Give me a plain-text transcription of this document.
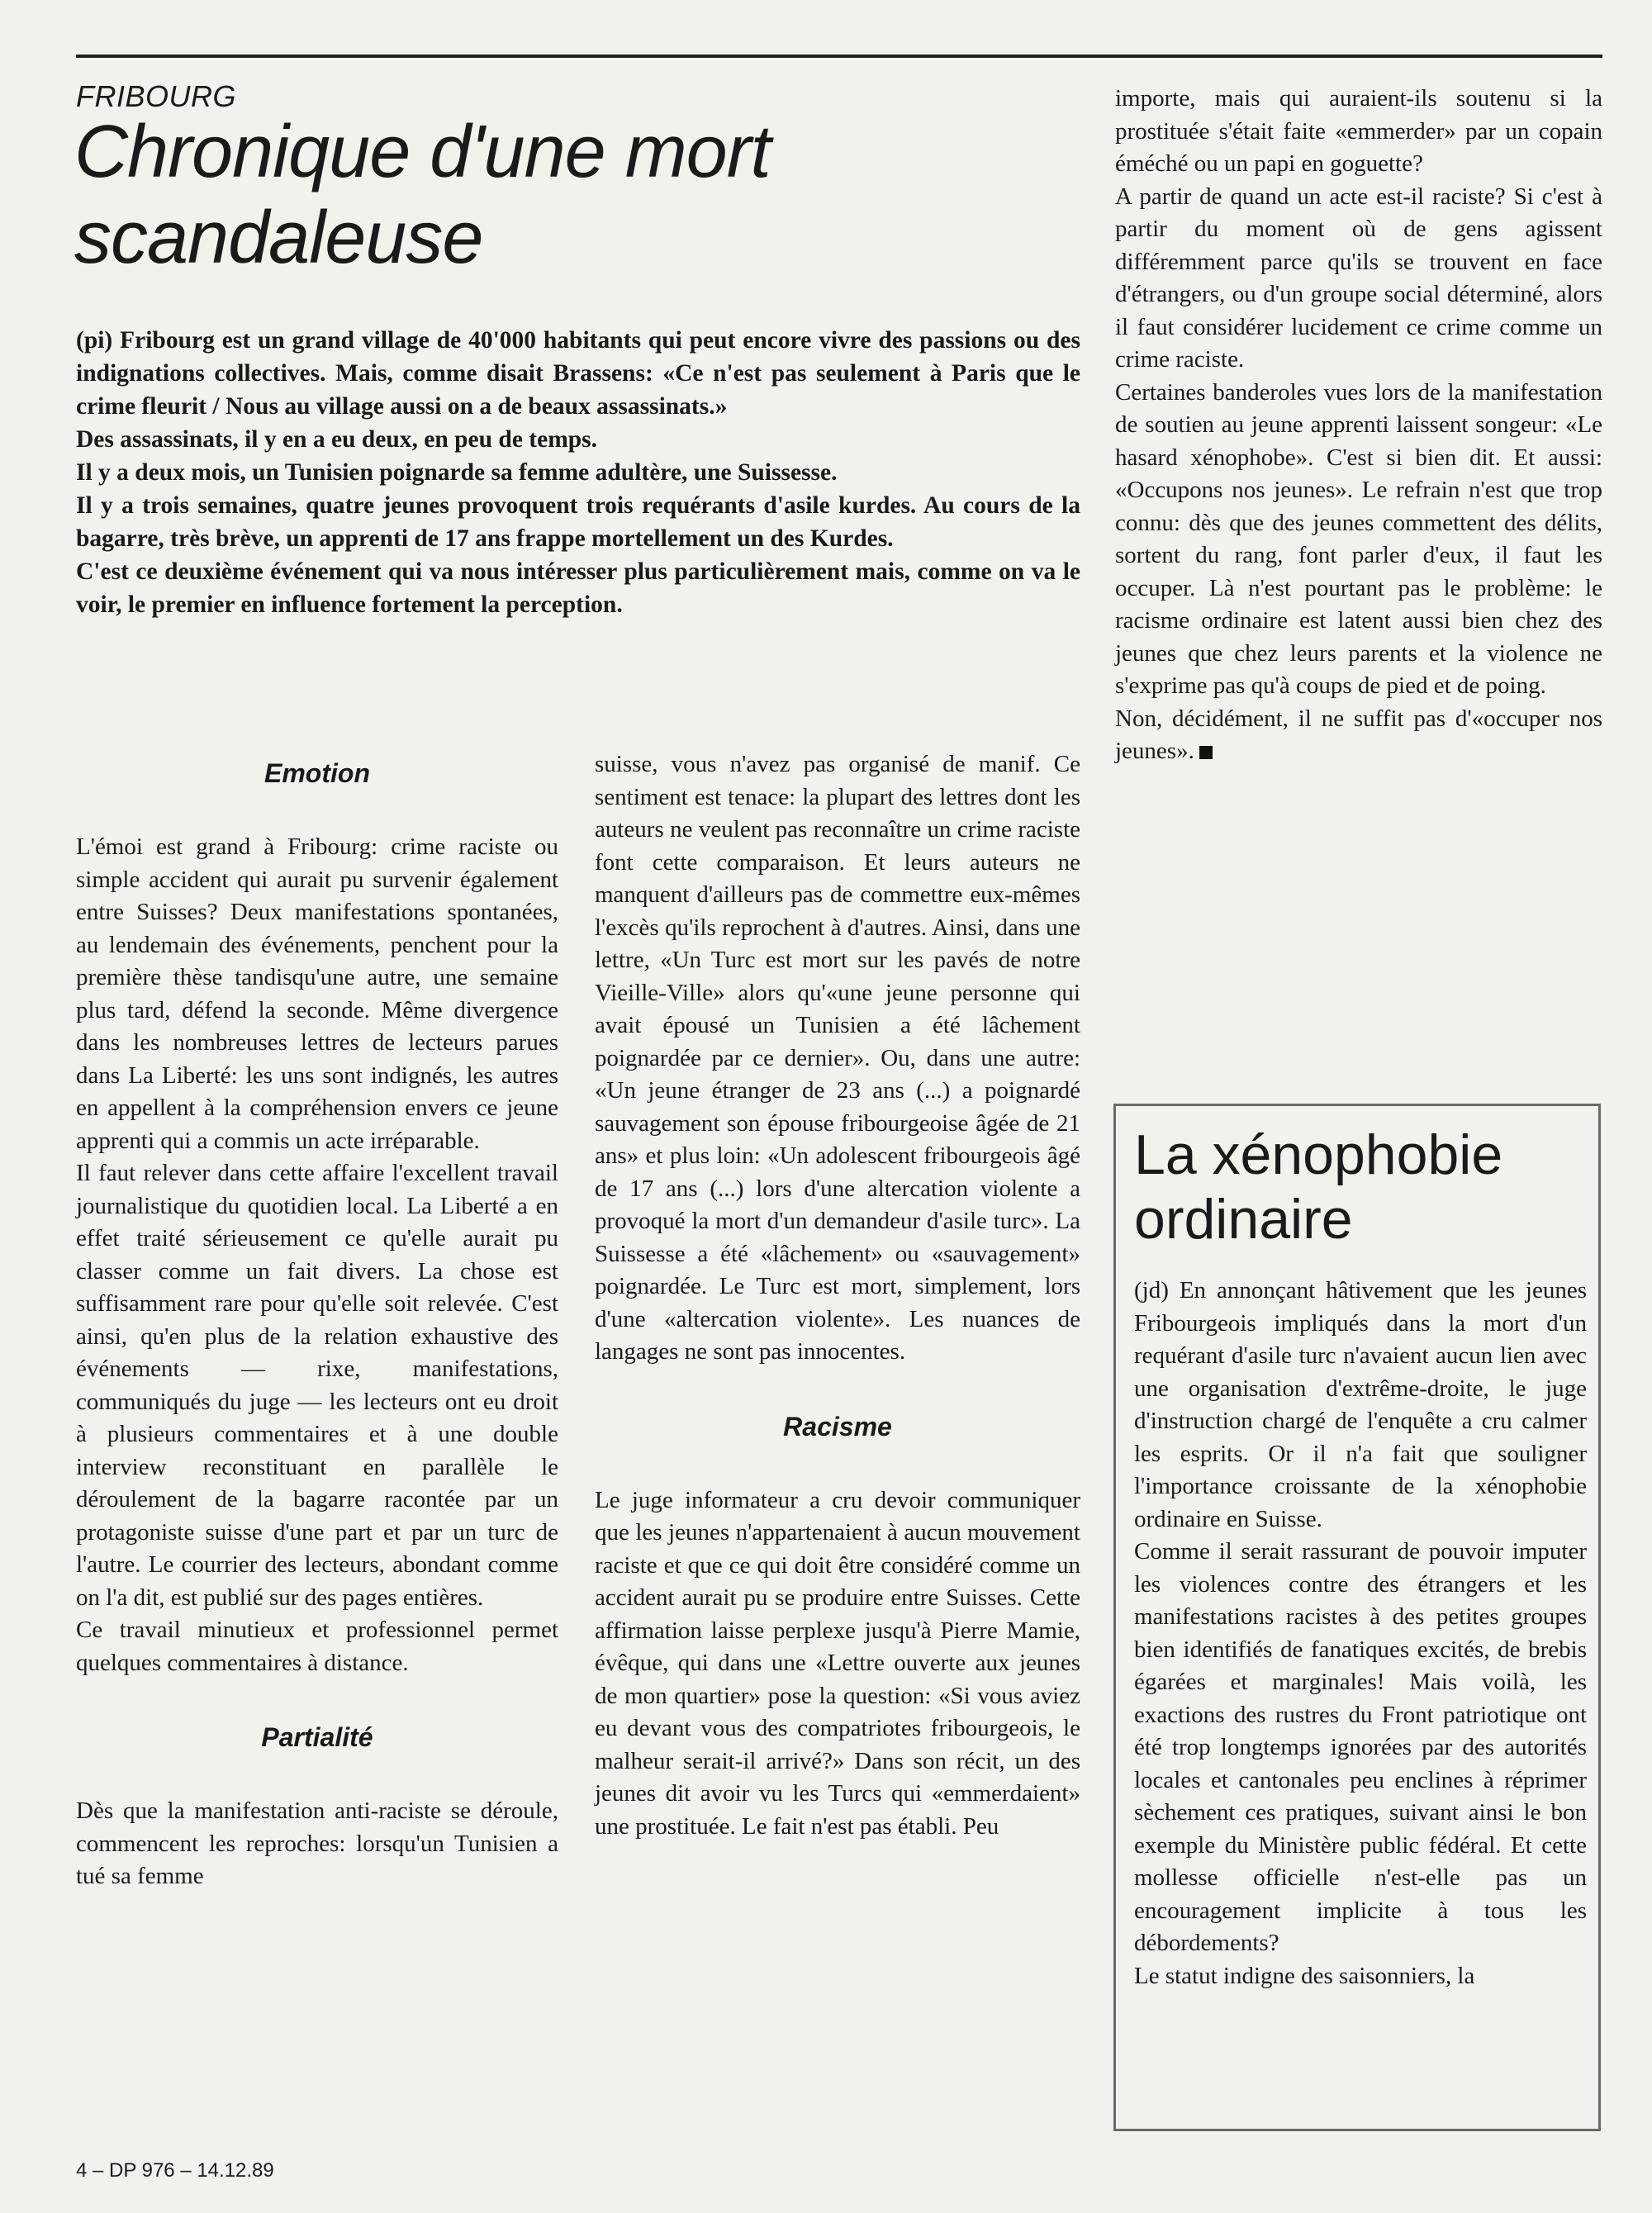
FRIBOURG
Chronique d'une mort scandaleuse

(pi) Fribourg est un grand village de 40'000 habitants qui peut encore vivre des passions ou des indignations collectives. Mais, comme disait Brassens: «Ce n'est pas seulement à Paris que le crime fleurit / Nous au village aussi on a de beaux assassinats.»

Des assassinats, il y en a eu deux, en peu de temps.

Il y a deux mois, un Tunisien poignarde sa femme adultère, une Suissesse.

Il y a trois semaines, quatre jeunes provoquent trois requérants d'asile kurdes. Au cours de la bagarre, très brève, un apprenti de 17 ans frappe mortellement un des Kurdes.

C'est ce deuxième événement qui va nous intéresser plus particulièrement mais, comme on va le voir, le premier en influence fortement la perception.

Emotion

L'émoi est grand à Fribourg: crime raciste ou simple accident qui aurait pu survenir également entre Suisses? Deux manifestations spontanées, au lendemain des événements, penchent pour la première thèse tandisqu'une autre, une semaine plus tard, défend la seconde. Même divergence dans les nombreuses lettres de lecteurs parues dans La Liberté: les uns sont indignés, les autres en appellent à la compréhension envers ce jeune apprenti qui a commis un acte irréparable.

Il faut relever dans cette affaire l'excellent travail journalistique du quotidien local. La Liberté a en effet traité sérieusement ce qu'elle aurait pu classer comme un fait divers. La chose est suffisamment rare pour qu'elle soit relevée. C'est ainsi, qu'en plus de la relation exhaustive des événements — rixe, manifestations, communiqués du juge — les lecteurs ont eu droit à plusieurs commentaires et à une double interview reconstituant en parallèle le déroulement de la bagarre racontée par un protagoniste suisse d'une part et par un turc de l'autre. Le courrier des lecteurs, abondant comme on l'a dit, est publié sur des pages entières.

Ce travail minutieux et professionnel permet quelques commentaires à distance.

Partialité

Dès que la manifestation anti-raciste se déroule, commencent les reproches: lorsqu'un Tunisien a tué sa femme

suisse, vous n'avez pas organisé de manif. Ce sentiment est tenace: la plupart des lettres dont les auteurs ne veulent pas reconnaître un crime raciste font cette comparaison. Et leurs auteurs ne manquent d'ailleurs pas de commettre eux-mêmes l'excès qu'ils reprochent à d'autres. Ainsi, dans une lettre, «Un Turc est mort sur les pavés de notre Vieille-Ville» alors qu'«une jeune personne qui avait épousé un Tunisien a été lâchement poignardée par ce dernier». Ou, dans une autre: «Un jeune étranger de 23 ans (...) a poignardé sauvagement son épouse fribourgeoise âgée de 21 ans» et plus loin: «Un adolescent fribourgeois âgé de 17 ans (...) lors d'une altercation violente a provoqué la mort d'un demandeur d'asile turc». La Suissesse a été «lâchement» ou «sauvagement» poignardée. Le Turc est mort, simplement, lors d'une «altercation violente». Les nuances de langages ne sont pas innocentes.

Racisme

Le juge informateur a cru devoir communiquer que les jeunes n'appartenaient à aucun mouvement raciste et que ce qui doit être considéré comme un accident aurait pu se produire entre Suisses. Cette affirmation laisse perplexe jusqu'à Pierre Mamie, évêque, qui dans une «Lettre ouverte aux jeunes de mon quartier» pose la question: «Si vous aviez eu devant vous des compatriotes fribourgeois, le malheur serait-il arrivé?» Dans son récit, un des jeunes dit avoir vu les Turcs qui «emmerdaient» une prostituée. Le fait n'est pas établi. Peu

importe, mais qui auraient-ils soutenu si la prostituée s'était faite «emmerder» par un copain éméché ou un papi en goguette?

A partir de quand un acte est-il raciste? Si c'est à partir du moment où de gens agissent différemment parce qu'ils se trouvent en face d'étrangers, ou d'un groupe social déterminé, alors il faut considérer lucidement ce crime comme un crime raciste.

Certaines banderoles vues lors de la manifestation de soutien au jeune apprenti laissent songeur: «Le hasard xénophobe». C'est si bien dit. Et aussi: «Occupons nos jeunes». Le refrain n'est que trop connu: dès que des jeunes commettent des délits, sortent du rang, font parler d'eux, il faut les occuper. Là n'est pourtant pas le problème: le racisme ordinaire est latent aussi bien chez des jeunes que chez leurs parents et la violence ne s'exprime pas qu'à coups de pied et de poing.

Non, décidément, il ne suffit pas d'«occuper nos jeunes».

La xénophobie ordinaire

(jd) En annonçant hâtivement que les jeunes Fribourgeois impliqués dans la mort d'un requérant d'asile turc n'avaient aucun lien avec une organisation d'extrême-droite, le juge d'instruction chargé de l'enquête a cru calmer les esprits. Or il n'a fait que souligner l'importance croissante de la xénophobie ordinaire en Suisse.

Comme il serait rassurant de pouvoir imputer les violences contre des étrangers et les manifestations racistes à des petites groupes bien identifiés de fanatiques excités, de brebis égarées et marginales! Mais voilà, les exactions des rustres du Front patriotique ont été trop longtemps ignorées par des autorités locales et cantonales peu enclines à réprimer sèchement ces pratiques, suivant ainsi le bon exemple du Ministère public fédéral. Et cette mollesse officielle n'est-elle pas un encouragement implicite à tous les débordements?

Le statut indigne des saisonniers, la

4 – DP 976 – 14.12.89
